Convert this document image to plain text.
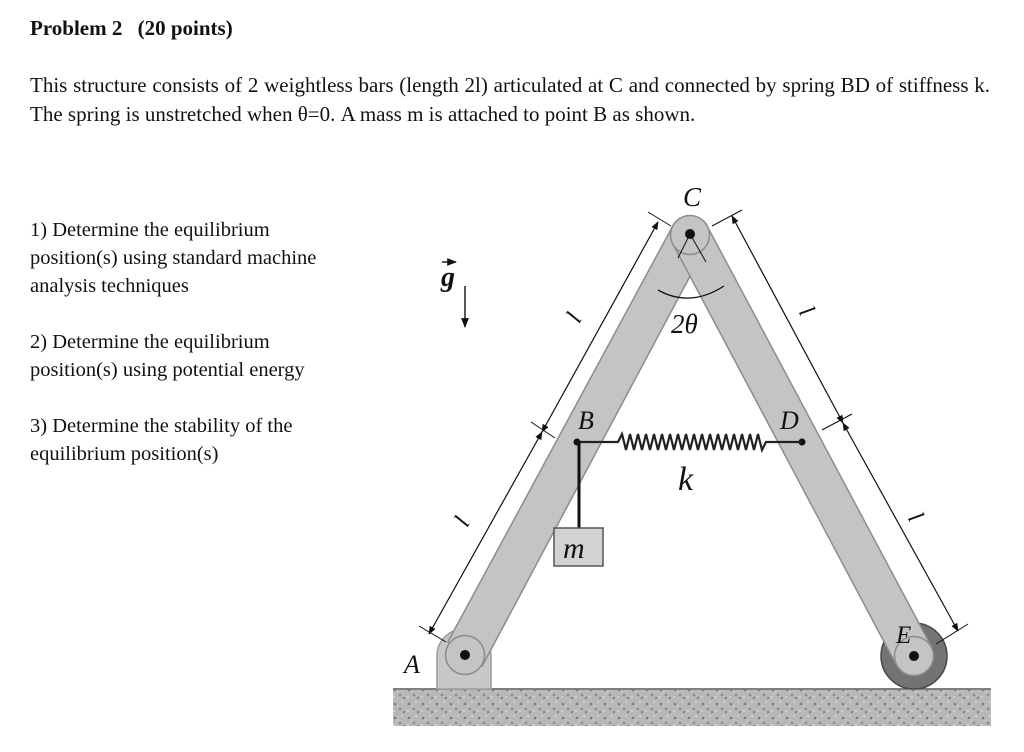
Problem 2 (20 points)
This structure consists of 2 weightless bars (length 2l) articulated at C and connected by spring BD of stiffness k. The spring is unstretched when θ=0. A mass m is attached to point B as shown.

1) Determine the equilibrium position(s) using standard machine analysis techniques

2) Determine the equilibrium position(s) using potential energy

3) Determine the stability of the equilibrium position(s)

2θ
k
m
C
B	D
A
E
g
l
l
l
l
